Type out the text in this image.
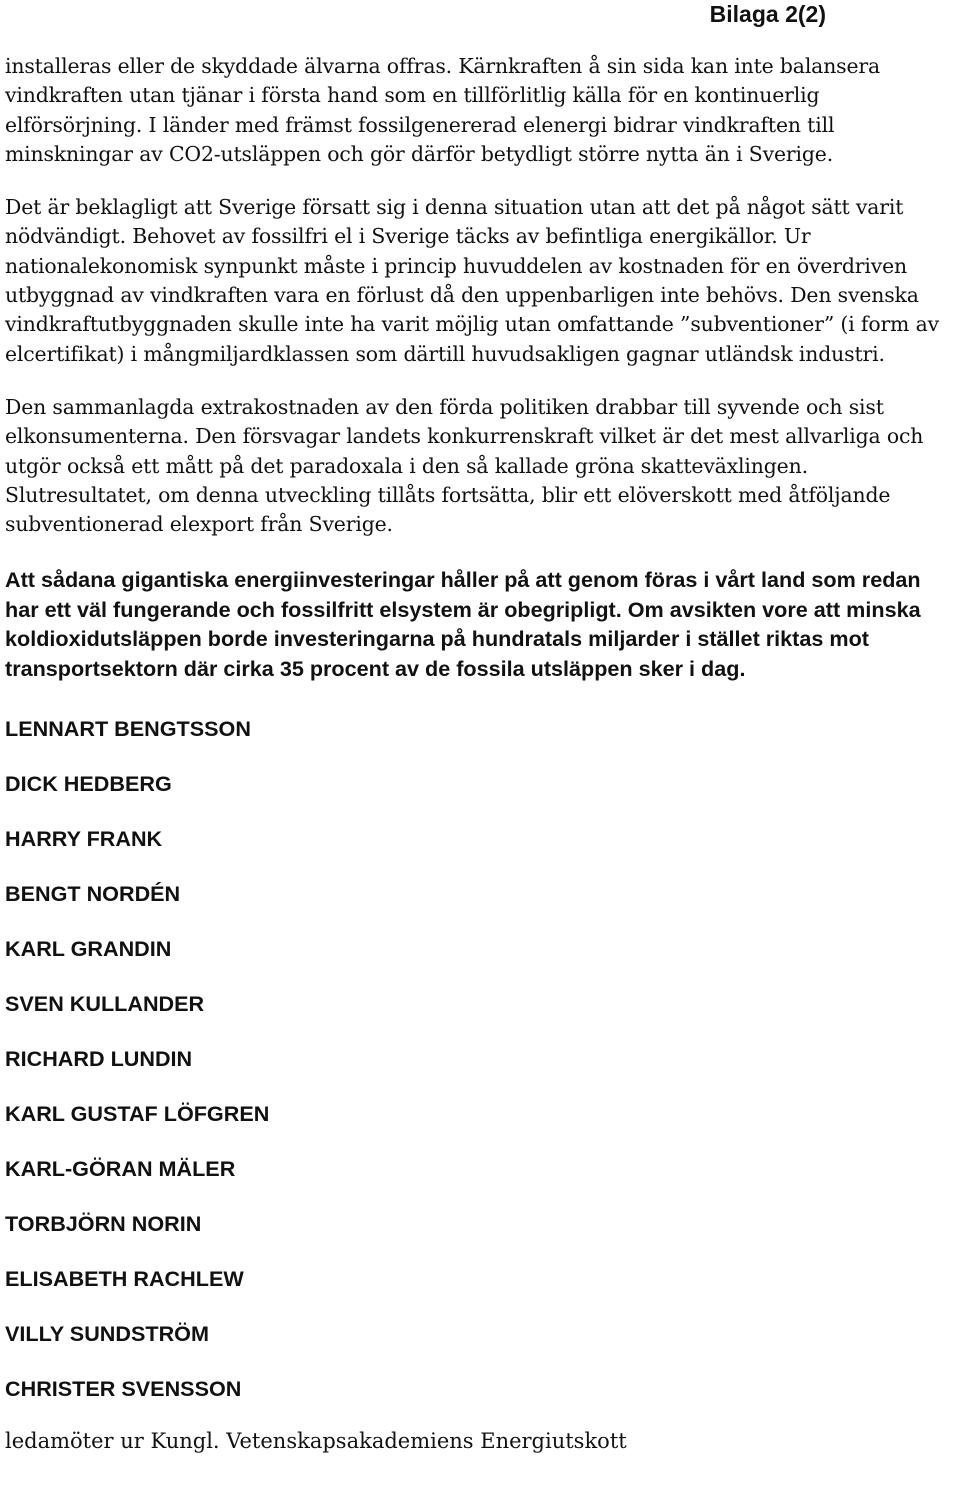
Bilaga 2(2)

installeras eller de skyddade älvarna offras. Kärnkraften å sin sida kan inte balansera vindkraften utan tjänar i första hand som en tillförlitlig källa för en kontinuerlig elförsörjning. I länder med främst fossilgenererad elenergi bidrar vindkraften till minskningar av CO2-utsläppen och gör därför betydligt större nytta än i Sverige.

Det är beklagligt att Sverige försatt sig i denna situation utan att det på något sätt varit nödvändigt. Behovet av fossilfri el i Sverige täcks av befintliga energikällor. Ur nationalekonomisk synpunkt måste i princip huvuddelen av kostnaden för en överdriven utbyggnad av vindkraften vara en förlust då den uppenbarligen inte behövs. Den svenska vindkraftutbyggnaden skulle inte ha varit möjlig utan omfattande ”subventioner” (i form av elcertifikat) i mångmiljardklassen som därtill huvudsakligen gagnar utländsk industri.

Den sammanlagda extrakostnaden av den förda politiken drabbar till syvende och sist elkonsumenterna. Den försvagar landets konkurrenskraft vilket är det mest allvarliga och utgör också ett mått på det paradoxala i den så kallade gröna skatteväxlingen. Slutresultatet, om denna utveckling tillåts fortsätta, blir ett elöverskott med åtföljande subventionerad elexport från Sverige.

Att sådana gigantiska energiinvesteringar håller på att genom föras i vårt land som redan har ett väl fungerande och fossilfritt elsystem är obegripligt. Om avsikten vore att minska koldioxidutsläppen borde investeringarna på hundratals miljarder i stället riktas mot transportsektorn där cirka 35 procent av de fossila utsläppen sker i dag.

LENNART BENGTSSON
DICK HEDBERG
HARRY FRANK
BENGT NORDÉN
KARL GRANDIN
SVEN KULLANDER
RICHARD LUNDIN
KARL GUSTAF LÖFGREN
KARL-GÖRAN MÄLER
TORBJÖRN NORIN
ELISABETH RACHLEW
VILLY SUNDSTRÖM
CHRISTER SVENSSON
ledamöter ur Kungl. Vetenskapsakademiens Energiutskott
